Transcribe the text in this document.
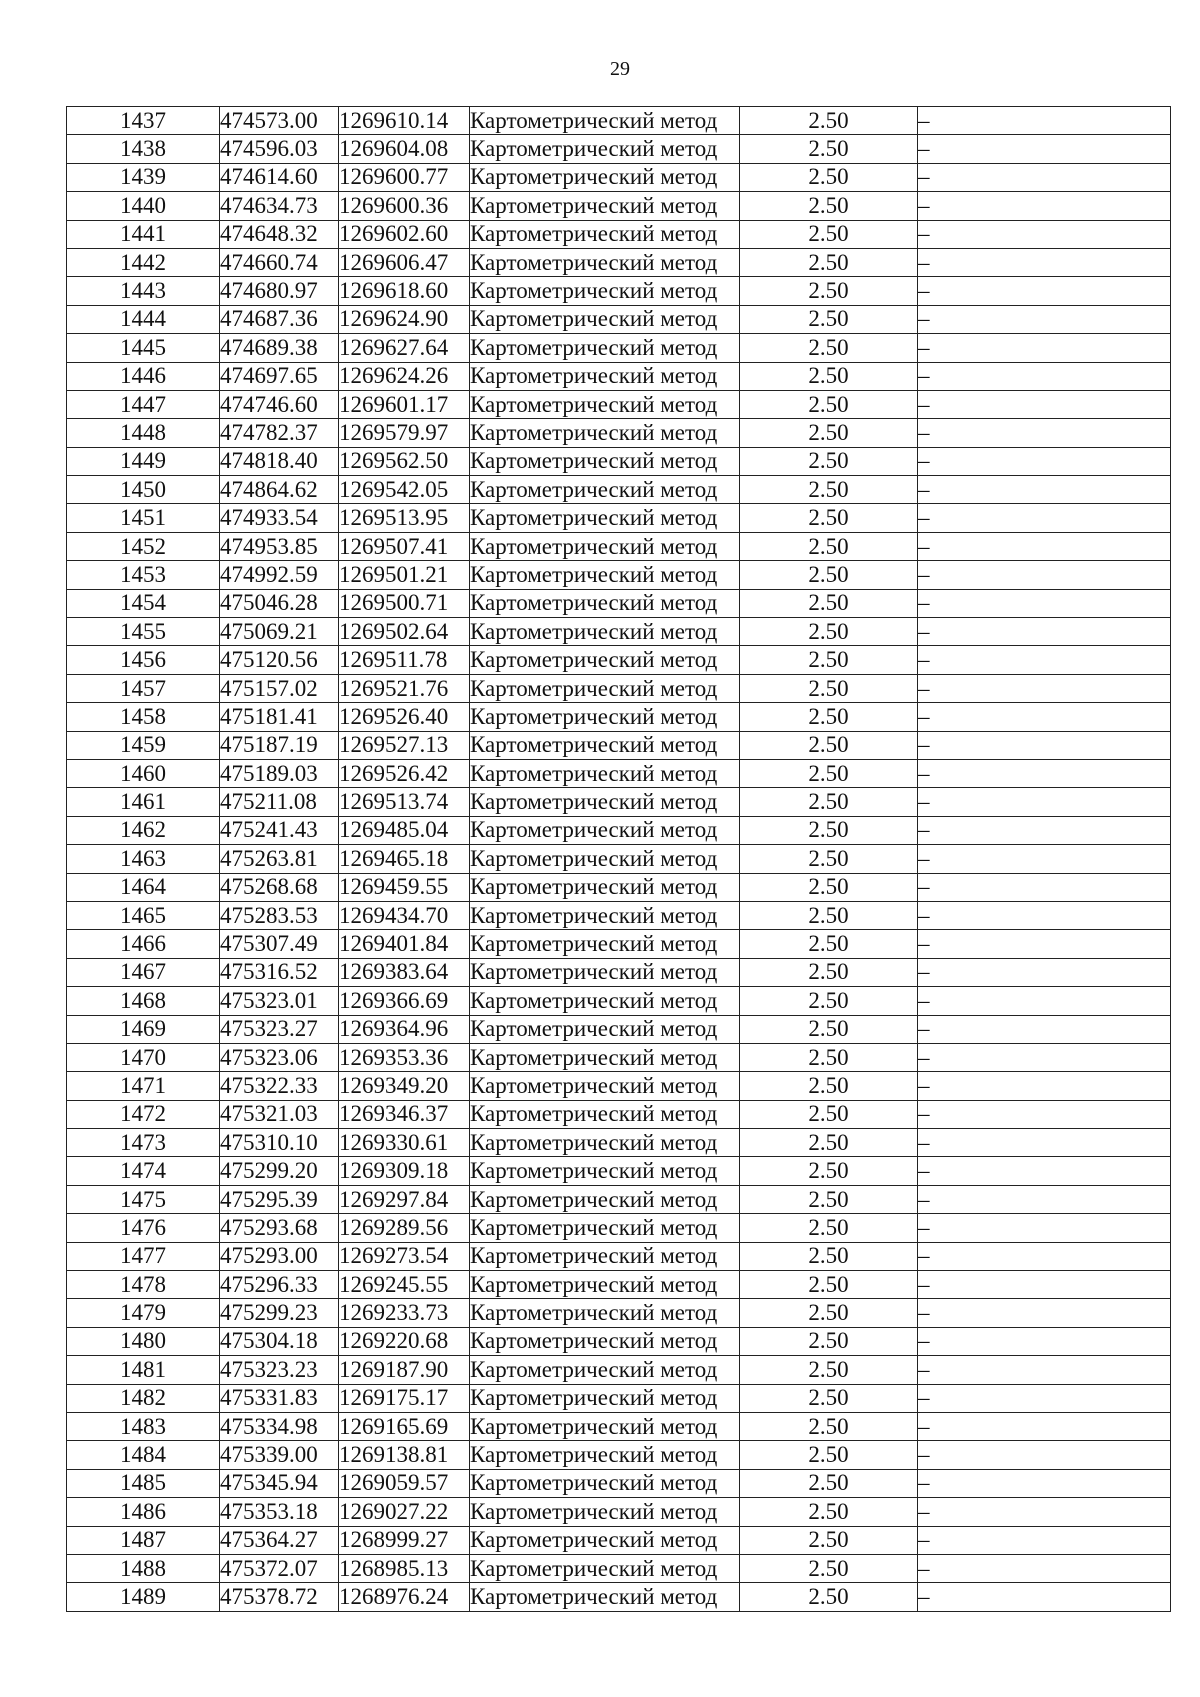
29
1437	474573.00	1269610.14	Картометрический метод	2.50	–
1438	474596.03	1269604.08	Картометрический метод	2.50	–
1439	474614.60	1269600.77	Картометрический метод	2.50	–
1440	474634.73	1269600.36	Картометрический метод	2.50	–
1441	474648.32	1269602.60	Картометрический метод	2.50	–
1442	474660.74	1269606.47	Картометрический метод	2.50	–
1443	474680.97	1269618.60	Картометрический метод	2.50	–
1444	474687.36	1269624.90	Картометрический метод	2.50	–
1445	474689.38	1269627.64	Картометрический метод	2.50	–
1446	474697.65	1269624.26	Картометрический метод	2.50	–
1447	474746.60	1269601.17	Картометрический метод	2.50	–
1448	474782.37	1269579.97	Картометрический метод	2.50	–
1449	474818.40	1269562.50	Картометрический метод	2.50	–
1450	474864.62	1269542.05	Картометрический метод	2.50	–
1451	474933.54	1269513.95	Картометрический метод	2.50	–
1452	474953.85	1269507.41	Картометрический метод	2.50	–
1453	474992.59	1269501.21	Картометрический метод	2.50	–
1454	475046.28	1269500.71	Картометрический метод	2.50	–
1455	475069.21	1269502.64	Картометрический метод	2.50	–
1456	475120.56	1269511.78	Картометрический метод	2.50	–
1457	475157.02	1269521.76	Картометрический метод	2.50	–
1458	475181.41	1269526.40	Картометрический метод	2.50	–
1459	475187.19	1269527.13	Картометрический метод	2.50	–
1460	475189.03	1269526.42	Картометрический метод	2.50	–
1461	475211.08	1269513.74	Картометрический метод	2.50	–
1462	475241.43	1269485.04	Картометрический метод	2.50	–
1463	475263.81	1269465.18	Картометрический метод	2.50	–
1464	475268.68	1269459.55	Картометрический метод	2.50	–
1465	475283.53	1269434.70	Картометрический метод	2.50	–
1466	475307.49	1269401.84	Картометрический метод	2.50	–
1467	475316.52	1269383.64	Картометрический метод	2.50	–
1468	475323.01	1269366.69	Картометрический метод	2.50	–
1469	475323.27	1269364.96	Картометрический метод	2.50	–
1470	475323.06	1269353.36	Картометрический метод	2.50	–
1471	475322.33	1269349.20	Картометрический метод	2.50	–
1472	475321.03	1269346.37	Картометрический метод	2.50	–
1473	475310.10	1269330.61	Картометрический метод	2.50	–
1474	475299.20	1269309.18	Картометрический метод	2.50	–
1475	475295.39	1269297.84	Картометрический метод	2.50	–
1476	475293.68	1269289.56	Картометрический метод	2.50	–
1477	475293.00	1269273.54	Картометрический метод	2.50	–
1478	475296.33	1269245.55	Картометрический метод	2.50	–
1479	475299.23	1269233.73	Картометрический метод	2.50	–
1480	475304.18	1269220.68	Картометрический метод	2.50	–
1481	475323.23	1269187.90	Картометрический метод	2.50	–
1482	475331.83	1269175.17	Картометрический метод	2.50	–
1483	475334.98	1269165.69	Картометрический метод	2.50	–
1484	475339.00	1269138.81	Картометрический метод	2.50	–
1485	475345.94	1269059.57	Картометрический метод	2.50	–
1486	475353.18	1269027.22	Картометрический метод	2.50	–
1487	475364.27	1268999.27	Картометрический метод	2.50	–
1488	475372.07	1268985.13	Картометрический метод	2.50	–
1489	475378.72	1268976.24	Картометрический метод	2.50	–
